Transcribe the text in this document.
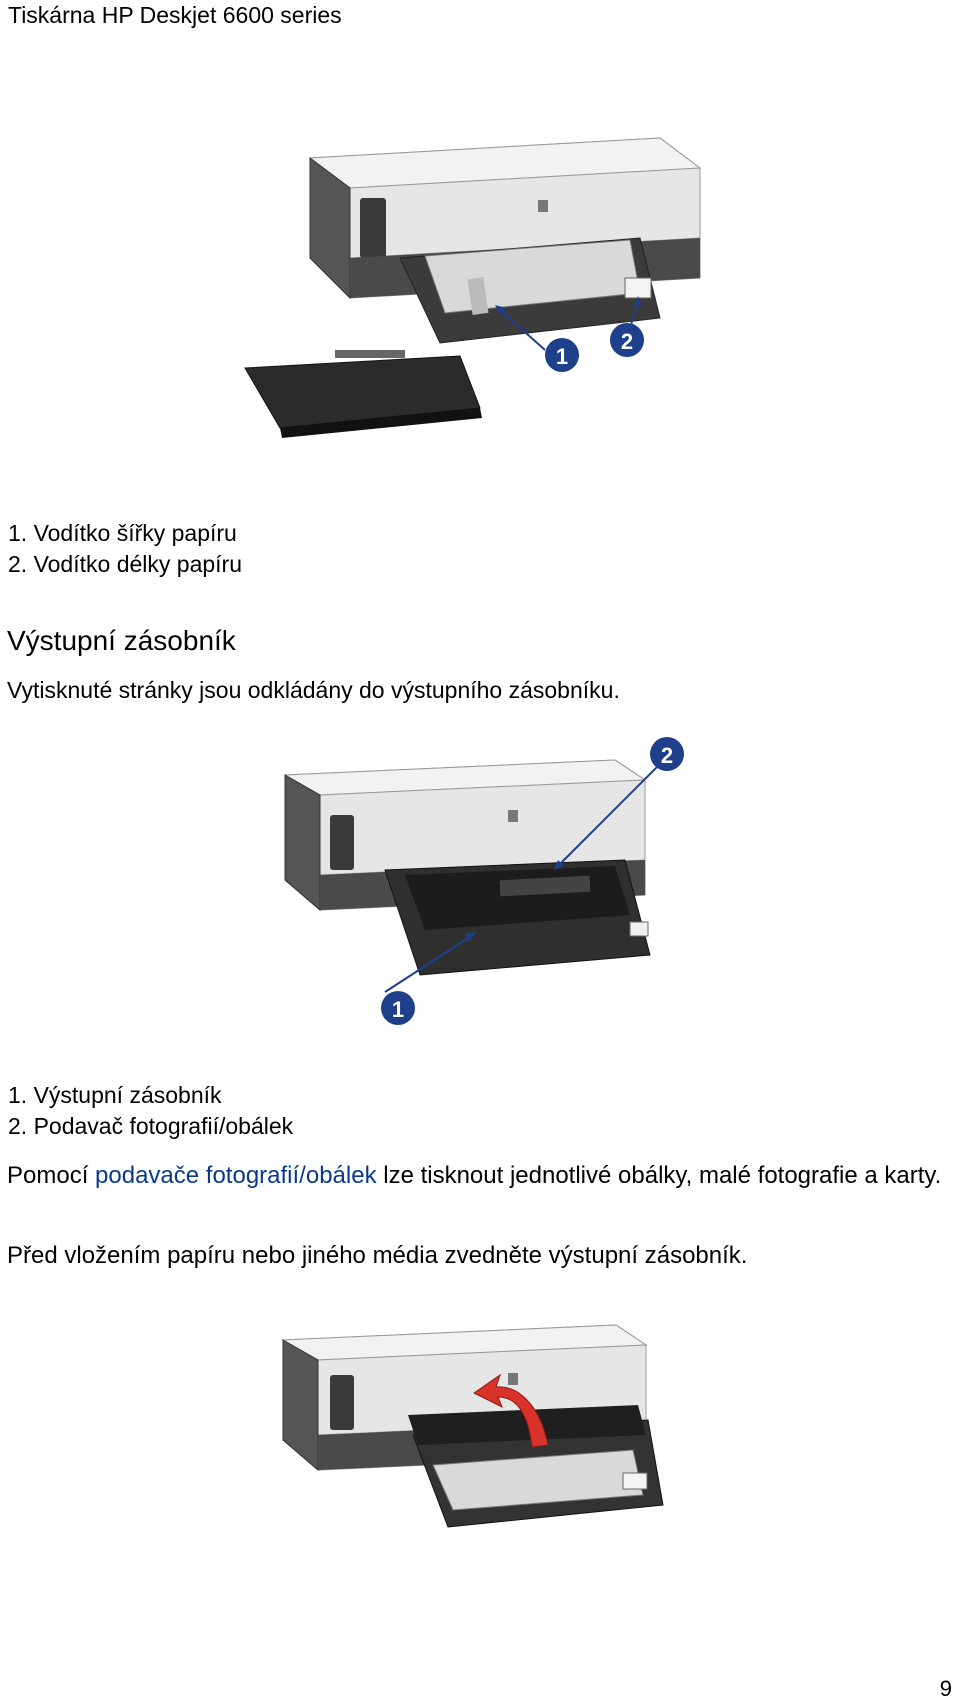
Tiskárna HP Deskjet 6600 series
1
2
1. Vodítko šířky papíru
2. Vodítko délky papíru
Výstupní zásobník
Vytisknuté stránky jsou odkládány do výstupního zásobníku.
1
2
1. Výstupní zásobník
2. Podavač fotografií/obálek
Pomocí podavače fotografií/obálek lze tisknout jednotlivé obálky, malé fotografie a karty.
Před vložením papíru nebo jiného média zvedněte výstupní zásobník.
9
